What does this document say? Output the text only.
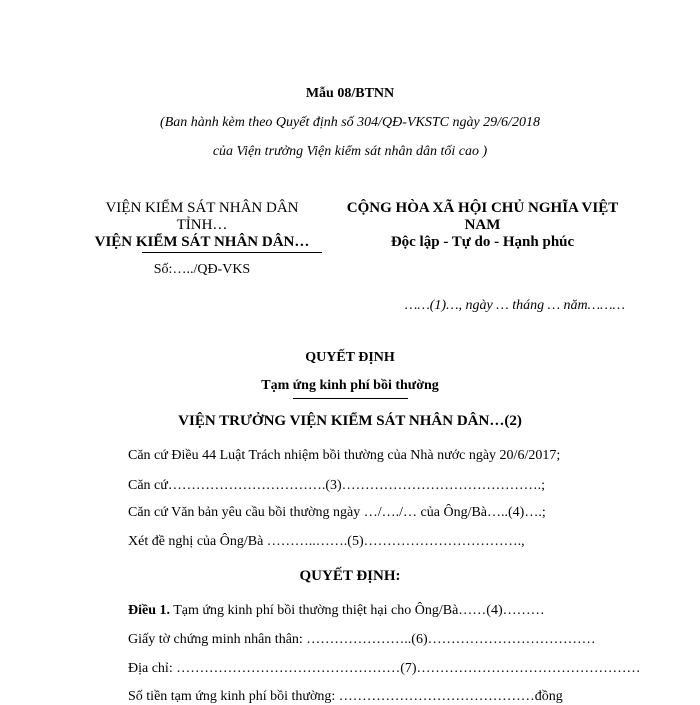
Mẫu 08/BTNN
(Ban hành kèm theo Quyết định số 304/QĐ-VKSTC ngày 29/6/2018
của Viện trưởng Viện kiểm sát nhân dân tối cao )
VIỆN KIỂM SÁT NHÂN DÂN
TỈNH…
VIỆN KIỂM SÁT NHÂN DÂN…
Số:…../QĐ-VKS
CỘNG HÒA XÃ HỘI CHỦ NGHĨA VIỆT
NAM
Độc lập - Tự do - Hạnh phúc
……(1)…, ngày … tháng … năm………
QUYẾT ĐỊNH
Tạm ứng kinh phí bồi thường
VIỆN TRƯỞNG VIỆN KIỂM SÁT NHÂN DÂN…(2)
Căn cứ Điều 44 Luật Trách nhiệm bồi thường của Nhà nước ngày 20/6/2017;
Căn cứ…………………………….(3)…………………………………….;
Căn cứ Văn bản yêu cầu bồi thường ngày …/…./… của Ông/Bà…..(4)….;
Xét đề nghị của Ông/Bà ………..…….(5)…………………………….,
QUYẾT ĐỊNH:
Điều 1. Tạm ứng kinh phí bồi thường thiệt hại cho Ông/Bà……(4)………
Giấy tờ chứng minh nhân thân: …………………..(6)………………………………
Địa chỉ: …………………………………………(7)…………………………………………
Số tiền tạm ứng kinh phí bồi thường: ……………………………………đồng
